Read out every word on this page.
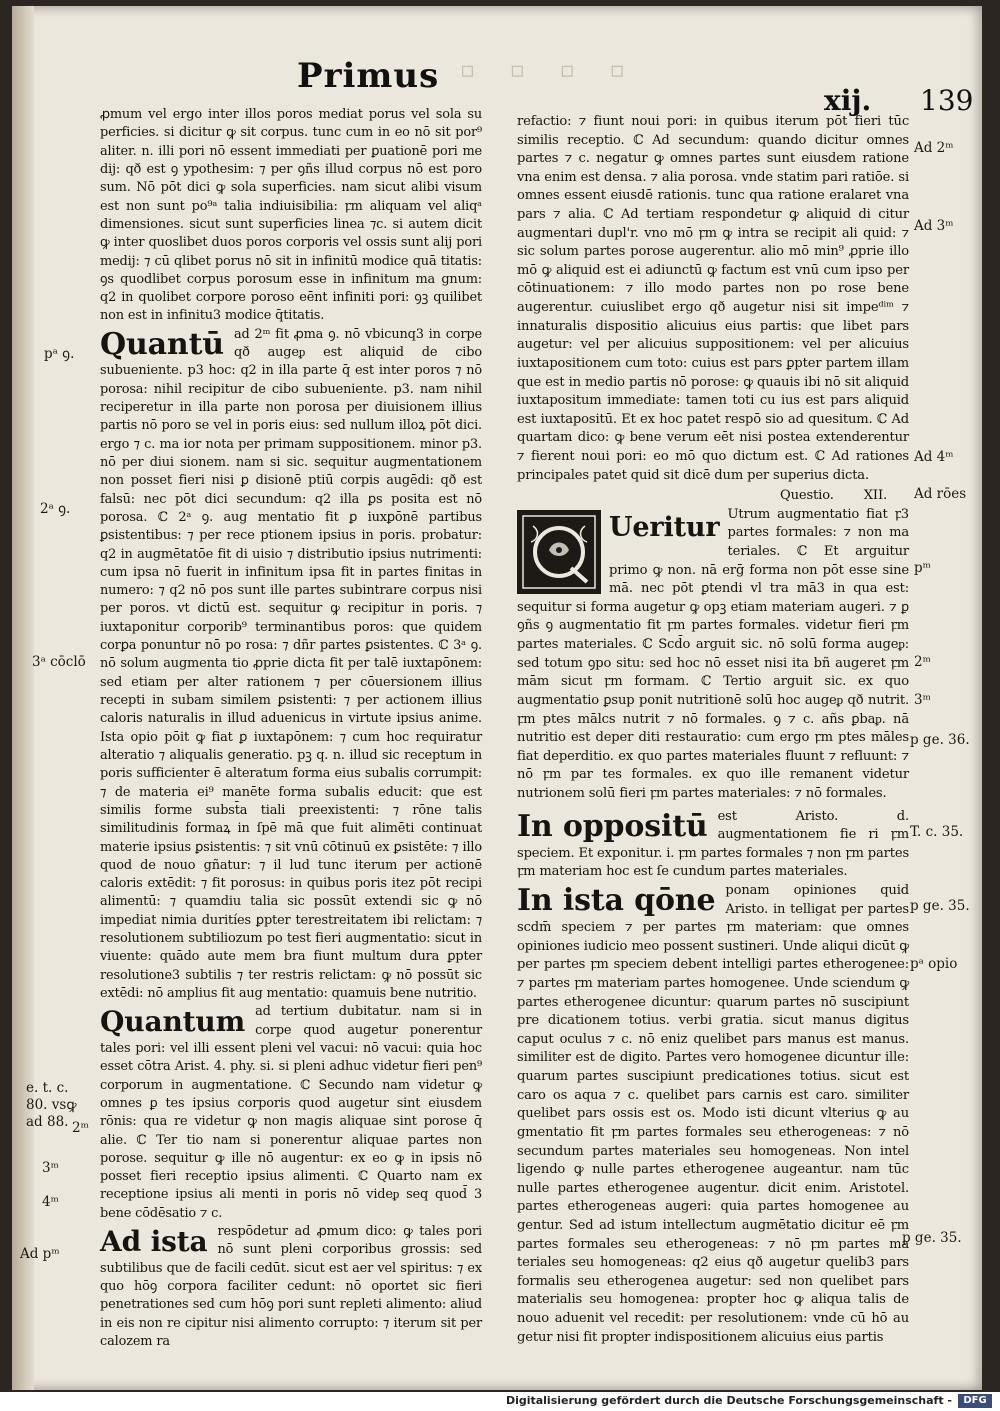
Primus ▫ ▫ ▫ ▫
xij. 139

ꝓmum vel ergo inter illos poros mediat porus vel sola su perficies. si dicitur ꝙ sit corpus. tunc cum in eo nō sit por⁹ aliter. n. illi pori nō essent immediati per ꝑuationē pori me dij: qð est ꝯ ypothesim: ⁊ per ꝯñs illud corpus nō est poro sum. Nō pōt dici ꝙ sola superficies. nam sicut alibi visum est non sunt po⁹ᵃ talia indiuisibilia: ꝼm aliquam vel aliqᵃ dimensiones. sicut sunt superficies linea ⁊c. si autem dicit ꝙ inter quoslibet duos poros corporis vel ossis sunt alij pori medij: ⁊ cū qlibet porus nō sit in infinitū modice quā titatis: ꝯs quodlibet corpus porosum esse in infinitum ma gnum: q2 in quolibet corpore poroso eēnt infiniti pori: ꝯꝫ quilibet non est in infinitu3 modice q̄titatis.

Quantū ad 2ᵐ fit ꝓma ꝯ. nō vbicunq3 in corpe qð augeᵱ est aliquid de cibo subueniente. p3 hoc: q2 in illa parte q̄ est inter poros ⁊ nō porosa: nihil recipitur de cibo subueniente. p3. nam nihil reciperetur in illa parte non porosa per diuisionem illius partis nō poro se vel in poris eius: sed nullum illoꝝ pōt dici. ergo ⁊ c. ma ior nota per primam suppositionem. minor p3. nō per diui sionem. nam si sic. sequitur augmentationem non posset fieri nisi ꝑ disionē ptiū corpis augēdi: qð est falsū: nec pōt dici secundum: q2 illa ꝑs posita est nō porosa. ℂ 2ᵃ ꝯ. aug mentatio fit ꝑ iuxꝑōnē partibus ꝑsistentibus: ⁊ per rece ptionem ipsius in poris. probatur: q2 in augmētatōe fit di uisio ⁊ distributio ipsius nutrimenti: cum ipsa nō fuerit in infinitum ipsa fit in partes finitas in numero: ⁊ q2 nō pos sunt ille partes subintrare corpus nisi per poros. vt dictū est. sequitur ꝙ recipitur in poris. ⁊ iuxtaponitur corporib⁹ terminantibus poros: que quidem corꝑa ponuntur nō po rosa: ⁊ dñr partes ꝑsistentes. ℂ 3ᵃ ꝯ. nō solum augmenta tio ꝓprie dicta fit per talē iuxtapōnem: sed etiam per alter rationem ⁊ per cōuersionem illius recepti in subam similem ꝑsistenti: ⁊ per actionem illius caloris naturalis in illud aduenicus in virtute ipsius anime. Ista opio pōit ꝙ fiat ꝑ iuxtapōnem: ⁊ cum hoc requiratur alteratio ⁊ aliqualis generatio. pꝫ q. n. illud sic receptum in poris sufficienter ē alteratum forma eius subalis corrumpit: ⁊ de materia ei⁹ manēte forma subalis educit: que est similis forme subst̄a tiali preexistenti: ⁊ rōne talis similitudinis formaꝝ in ſpē mā que fuit alimēti continuat materie ipsius ꝑsistentis: ⁊ sit vnū cōtinuū ex ꝑsistēte: ⁊ illo quod de nouo gñatur: ⁊ il lud tunc iterum per actionē caloris extēdit: ⁊ fit porosus: in quibus poris itez pōt recipi alimentū: ⁊ quamdiu talia sic possūt extendi sic ꝙ nō impediat nimia duritíes ꝑpter terestreitatem ibi relictam: ⁊ resolutionem subtiliozum po test fieri augmentatio: sicut in viuente: quādo aute mem bra fiunt multum dura ꝑpter resolutione3 subtilis ⁊ ter restris relictam: ꝙ nō possūt sic extēdi: nō amplius fit aug mentatio: quamuis bene nutritio.

Quantum ad tertium dubitatur. nam si in corpe quod augetur ponerentur tales pori: vel illi essent pleni vel vacui: nō vacui: quia hoc esset cōtra Arist. 4. phy. si. si pleni adhuc videtur fieri pen⁹ corporum in augmentatione. ℂ Secundo nam videtur ꝙ omnes ꝑ tes ipsius corporis quod augetur sint eiusdem rōnis: qua re videtur ꝙ non magis aliquae sint porose q̄ alie. ℂ Ter tio nam si ponerentur aliquae partes non porose. sequitur ꝙ ille nō augentur: ex eo ꝙ in ipsis nō posset fieri receptio ipsius alimenti. ℂ Quarto nam ex receptione ipsius ali menti in poris nō videᵱ seq quod̄ 3 bene cōdēsatio ⁊ c.

Ad ista respōdetur ad ꝓmum dico: ꝙ tales pori nō sunt pleni corporibus grossis: sed subtilibus que de facili cedūt. sicut est aer vel spiritus: ⁊ ex quo hōꝯ corpora faciliter cedunt: nō oportet sic fieri penetrationes sed cum hōꝯ pori sunt repleti alimento: aliud in eis non re cipitur nisi alimento corrupto: ⁊ iterum sit per calozem ra

refactio: ⁊ fiunt noui pori: in quibus iterum pōt fieri tūc similis receptio. ℂ Ad secundum: quando dicitur omnes partes ⁊ c. negatur ꝙ omnes partes sunt eiusdem ratione vna enim est densa. ⁊ alia porosa. vnde statim pari ratiōe. si omnes essent eiusdē rationis. tunc qua ratione eralaret vna pars ⁊ alia. ℂ Ad tertiam respondetur ꝙ aliquid di citur augmentari dupl'r. vno mō ꝼm ꝙ intra se recipit ali quid: ⁊ sic solum partes porose augerentur. alio mō min⁹ ꝓprie illo mō ꝙ aliquid est ei adiunctū ꝙ factum est vnū cum ipso per cōtinuationem: ⁊ illo modo partes non po rose bene augerentur. cuiuslibet ergo qð augetur nisi sit impeᵈⁱᵐ ⁊ innaturalis dispositio alicuius eius partis: que libet pars augetur: vel per alicuius suppositionem: vel per alicuius iuxtapositionem cum toto: cuius est pars ꝑpter partem illam que est in medio partis nō porose: ꝙ quauis ibi nō sit aliquid iuxtapositum immediate: tamen toti cu ius est pars aliquid est iuxtapositū. Et ex hoc patet respō sio ad quesitum. ℂ Ad quartam dico: ꝙ bene verum eēt nisi postea extenderentur ⁊ fierent noui pori: eo mō quo dictum est. ℂ Ad rationes principales patet quid sit dicē dum per superius dicta.

Questio. XII.

Ueritur Utrum augmentatio fiat ꝼ3 partes formales: ⁊ non ma teriales. ℂ Et arguitur primo ꝙ non. nā erḡ forma non pōt esse sine mā. nec pōt ꝑtendi vl tra mā3 in qua est: sequitur si forma augetur ꝙ opꝫ etiam materiam augeri. ⁊ ꝑ ꝯñs ꝯ augmentatio fit ꝼm partes formales. videtur fieri ꝼm partes materiales. ℂ Scd̄o arguit sic. nō solū forma augeᵱ: sed totum ꝯpo situ: sed hoc nō esset nisi ita bñ augeret ꝼm mām sicut ꝼm formam. ℂ Tertio arguit sic. ex quo augmentatio ꝑsup ponit nutritionē solū hoc augeᵱ qð nutrit. ꝼm ptes mālcs nutrit ⁊ nō formales. ꝯ ⁊ c. añs ꝑbaᵱ. nā nutritio est deper diti restauratio: cum ergo ꝼm ptes māles fiat deperditio. ex quo partes materiales fluunt ⁊ refluunt: ⁊ nō ꝼm par tes formales. ex quo ille remanent videtur nutrionem solū fieri ꝼm partes materiales: ⁊ nō formales.

In oppositū est Aristo. d. augmentationem fie ri ꝼm speciem. Et exponitur. i. ꝼm partes formales ⁊ non ꝼm partes ꝼm materiam hoc est ſe cundum partes materiales.

In ista qōne ponam opiniones quid Aristo. in telligat per partes scdm̄ speciem ⁊ per partes ꝼm materiam: que omnes opiniones iudicio meo possent sustineri. Unde aliqui dicūt ꝙ per partes ꝼm speciem debent intelligi partes etherogenee: ⁊ partes ꝼm materiam partes homogenee. Unde sciendum ꝙ partes etherogenee dicuntur: quarum partes nō suscipiunt pre dicationem totius. verbi gratia. sicut manus digitus caput oculus ⁊ c. nō eniz quelibet pars manus est manus. similiter est de digito. Partes vero homogenee dicuntur ille: quarum partes suscipiunt predicationes totius. sicut est caro os aqua ⁊ c. quelibet pars carnis est caro. similiter quelibet pars ossis est os. Modo isti dicunt vlterius ꝙ au gmentatio fit ꝼm partes formales seu etherogeneas: ⁊ nō secundum partes materiales seu homogeneas. Non intel ligendo ꝙ nulle partes etherogenee augeantur. nam tūc nulle partes etherogenee augentur. dicit enim. Aristotel. partes etherogeneas augeri: quia partes homogenee au gentur. Sed ad istum intellectum augmētatio dicitur eē ꝼm partes formales seu etherogeneas: ⁊ nō ꝼm partes ma teriales seu homogeneas: q2 eius qð augetur quelib3 pars formalis seu etherogenea augetur: sed non quelibet pars materialis seu homogenea: propter hoc ꝙ aliqua talis de nouo aduenit vel recedit: per resolutionem: vnde cū hō au getur nisi fit propter indispositionem alicuius eius partis

pᵃ ꝯ.
2ᵃ ꝯ.
3ᵃ cōclō
e. t. c. 80. vsꝙ ad 88. 2ᵐ
3ᵐ
4ᵐ
Ad pᵐ
Ad 2ᵐ
Ad 3ᵐ
Ad 4ᵐ
Ad rōes
pᵐ
2ᵐ
3ᵐ
p ge. 36.
T. c. 35.
p ge. 35.
pᵃ opio
p ge. 35.
Digitalisierung gefördert durch die Deutsche Forschungsgemeinschaft -	DFG
